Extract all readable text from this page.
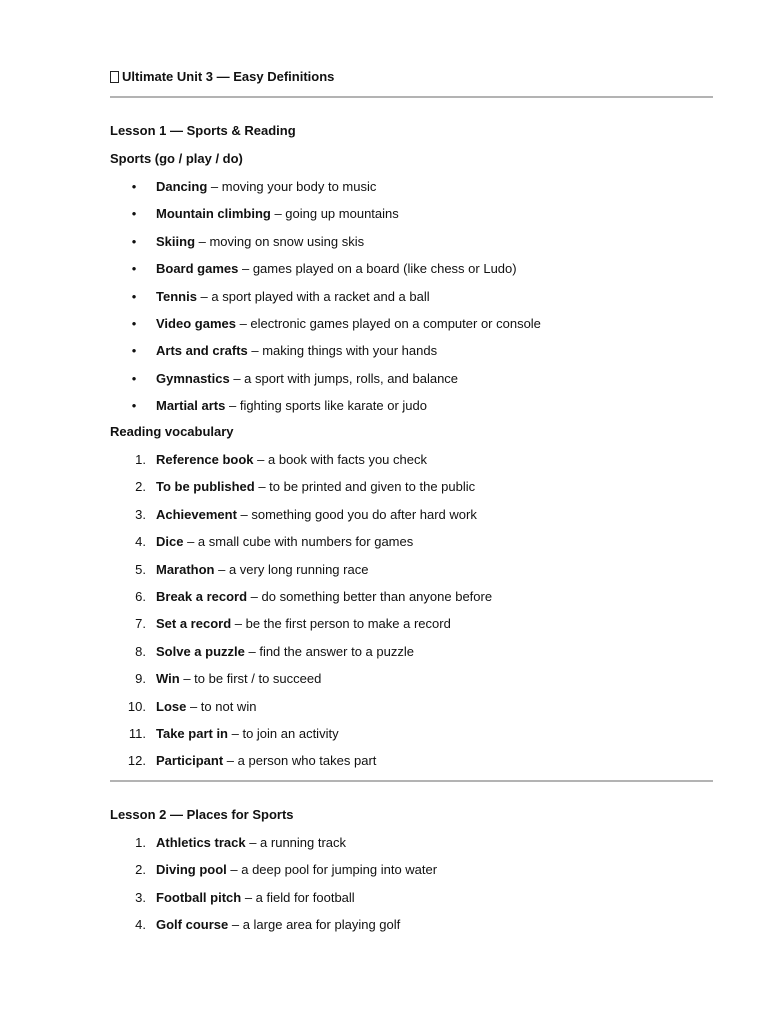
Ultimate Unit 3 — Easy Definitions
Lesson 1 — Sports & Reading
Sports (go / play / do)
• Dancing – moving your body to music
• Mountain climbing – going up mountains
• Skiing – moving on snow using skis
• Board games – games played on a board (like chess or Ludo)
• Tennis – a sport played with a racket and a ball
• Video games – electronic games played on a computer or console
• Arts and crafts – making things with your hands
• Gymnastics – a sport with jumps, rolls, and balance
• Martial arts – fighting sports like karate or judo
Reading vocabulary
1. Reference book – a book with facts you check
2. To be published – to be printed and given to the public
3. Achievement – something good you do after hard work
4. Dice – a small cube with numbers for games
5. Marathon – a very long running race
6. Break a record – do something better than anyone before
7. Set a record – be the first person to make a record
8. Solve a puzzle – find the answer to a puzzle
9. Win – to be first / to succeed
10. Lose – to not win
11. Take part in – to join an activity
12. Participant – a person who takes part
Lesson 2 — Places for Sports
1. Athletics track – a running track
2. Diving pool – a deep pool for jumping into water
3. Football pitch – a field for football
4. Golf course – a large area for playing golf
